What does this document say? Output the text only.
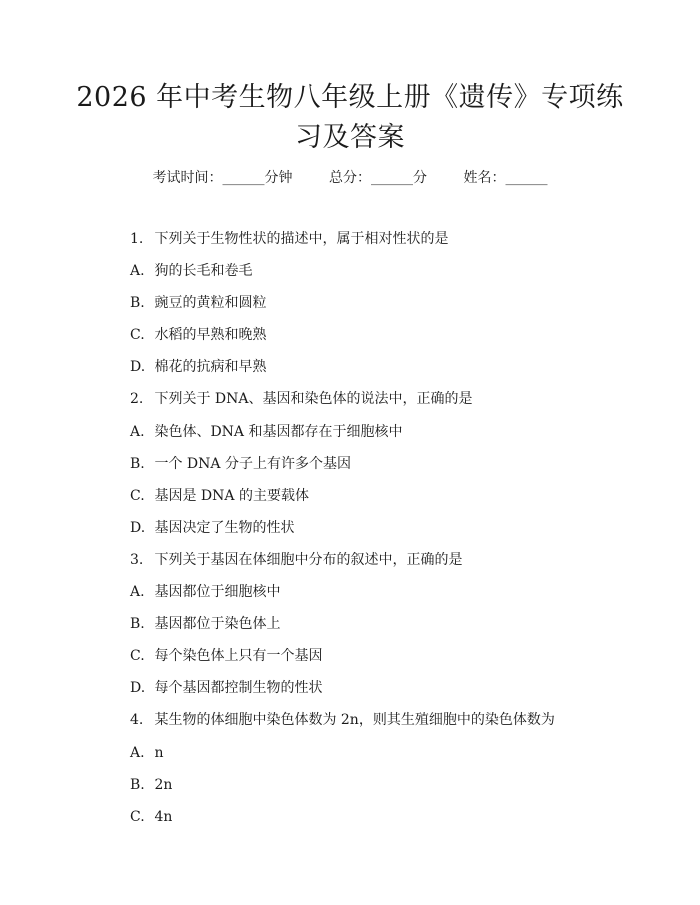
2026 年中考生物八年级上册《遗传》专项练
习及答案
考试时间：______分钟	总分：______分	姓名：______
1. 下列关于生物性状的描述中，属于相对性状的是
A. 狗的长毛和卷毛
B. 豌豆的黄粒和圆粒
C. 水稻的早熟和晚熟
D. 棉花的抗病和早熟
2. 下列关于 DNA、基因和染色体的说法中，正确的是
A. 染色体、DNA 和基因都存在于细胞核中
B. 一个 DNA 分子上有许多个基因
C. 基因是 DNA 的主要载体
D. 基因决定了生物的性状
3. 下列关于基因在体细胞中分布的叙述中，正确的是
A. 基因都位于细胞核中
B. 基因都位于染色体上
C. 每个染色体上只有一个基因
D. 每个基因都控制生物的性状
4. 某生物的体细胞中染色体数为 2n，则其生殖细胞中的染色体数为
A. n
B. 2n
C. 4n
